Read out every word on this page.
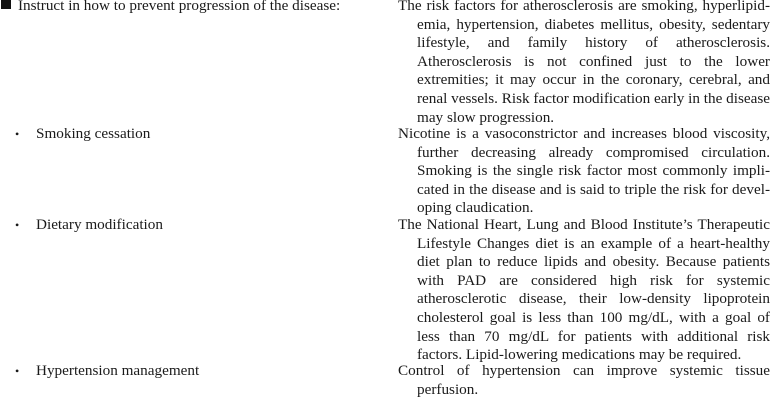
Instruct in how to prevent progression of the disease:	The risk factors for atherosclerosis are smoking, hyperlipidemia, hypertension, diabetes mellitus, obesity, sedentary lifestyle, and family history of atherosclerosis. Atherosclerosis is not confined just to the lower extremities; it may occur in the coronary, cerebral, and renal vessels. Risk factor modification early in the disease may slow progression.
•	Smoking cessation	Nicotine is a vasoconstrictor and increases blood viscosity, further decreasing already compromised circulation. Smoking is the single risk factor most commonly implicated in the disease and is said to triple the risk for developing claudication.
•	Dietary modification	The National Heart, Lung and Blood Institute’s Therapeutic Lifestyle Changes diet is an example of a heart-healthy diet plan to reduce lipids and obesity. Because patients with PAD are considered high risk for systemic atherosclerotic disease, their low-density lipoprotein cholesterol goal is less than 100 mg/dL, with a goal of less than 70 mg/dL for patients with additional risk factors. Lipid-lowering medications may be required.
•	Hypertension management	Control of hypertension can improve systemic tissue perfusion.
